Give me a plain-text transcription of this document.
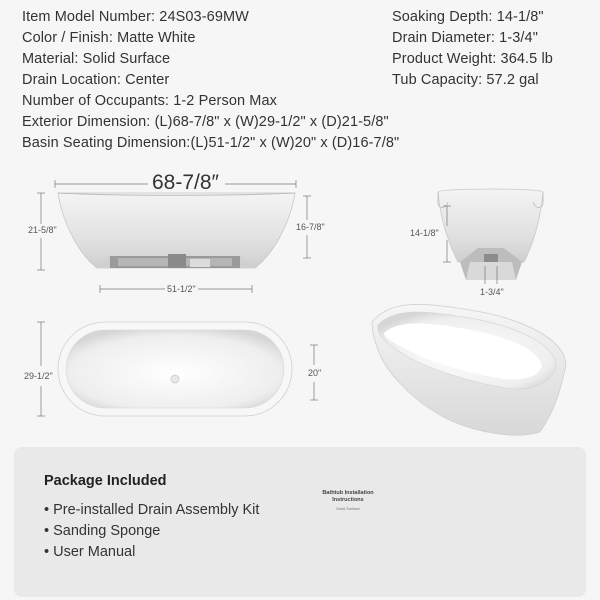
Item Model Number: 24S03-69MW
Color / Finish: Matte White
Material: Solid Surface
Drain Location: Center
Number of Occupants: 1-2 Person Max
Exterior Dimension: (L)68-7/8" x (W)29-1/2" x (D)21-5/8"
Basin Seating Dimension:(L)51-1/2" x (W)20" x (D)16-7/8"
Soaking Depth: 14-1/8"
Drain Diameter: 1-3/4"
Product Weight: 364.5 lb
Tub Capacity: 57.2 gal
68-7/8″
21-5/8"	16-7/8"
51-1/2"
14-1/8"
1-3/4"
29-1/2"	20"
Package Included
• Pre-installed Drain Assembly Kit
• Sanding Sponge
• User Manual
Bathtub Installation Instructions
Solid Surface
